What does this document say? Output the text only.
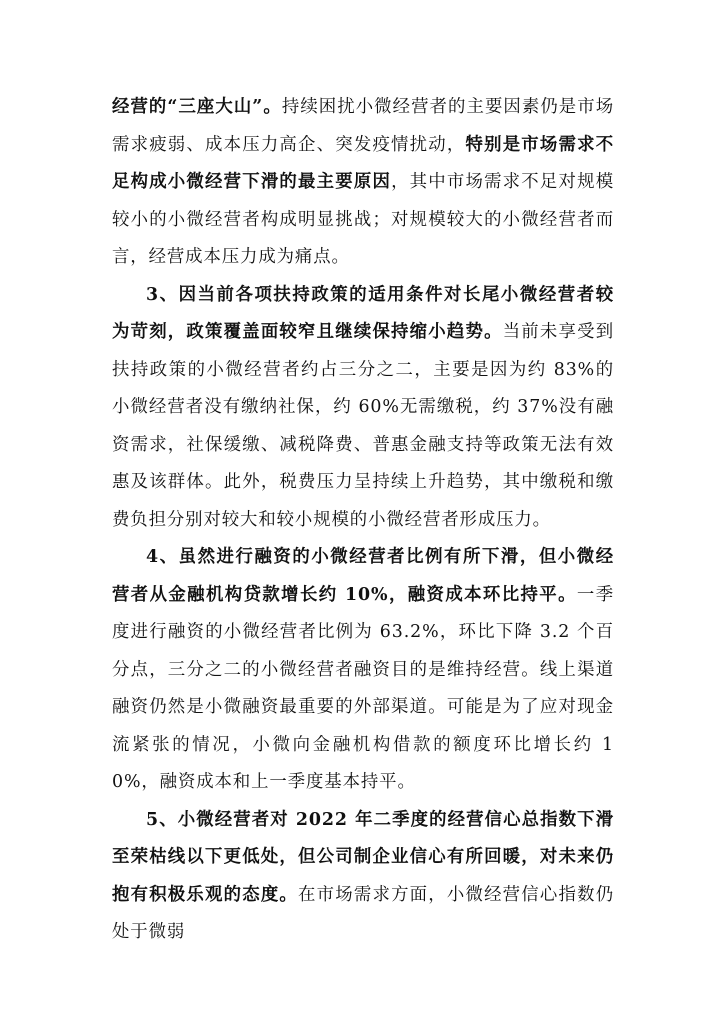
经营的“三座大山”。持续困扰小微经营者的主要因素仍是市场需求疲弱、成本压力高企、突发疫情扰动，特别是市场需求不足构成小微经营下滑的最主要原因，其中市场需求不足对规模较小的小微经营者构成明显挑战；对规模较大的小微经营者而言，经营成本压力成为痛点。

3、因当前各项扶持政策的适用条件对长尾小微经营者较为苛刻，政策覆盖面较窄且继续保持缩小趋势。当前未享受到扶持政策的小微经营者约占三分之二，主要是因为约 83%的小微经营者没有缴纳社保，约 60%无需缴税，约 37%没有融资需求，社保缓缴、减税降费、普惠金融支持等政策无法有效惠及该群体。此外，税费压力呈持续上升趋势，其中缴税和缴费负担分别对较大和较小规模的小微经营者形成压力。

4、虽然进行融资的小微经营者比例有所下滑，但小微经营者从金融机构贷款增长约 10%，融资成本环比持平。一季度进行融资的小微经营者比例为 63.2%，环比下降 3.2 个百分点，三分之二的小微经营者融资目的是维持经营。线上渠道融资仍然是小微融资最重要的外部渠道。可能是为了应对现金流紧张的情况，小微向金融机构借款的额度环比增长约 10%，融资成本和上一季度基本持平。

5、小微经营者对 2022 年二季度的经营信心总指数下滑至荣枯线以下更低处，但公司制企业信心有所回暖，对未来仍抱有积极乐观的态度。在市场需求方面，小微经营信心指数仍处于微弱
